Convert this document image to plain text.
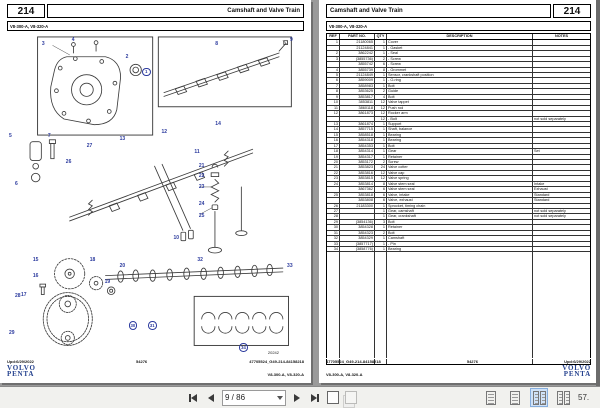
214	Camshaft and Valve Train
V8-300-A, V8-320-A
3
4
2
1
8
9
5	7
6
27
26
13
12
14
11
21
22
23
24
25
10
15
16
17
18
20
19
32
33
28
29
30	31
34
20242
Upd:6/29/2022	54276	47705524_G49-214-84158218
VOLVO
PENTA	V8-300-A, V8-320-A
Camshaft and Valve Train	214
V8-300-A, V8-320-A
REF	PART NO.	QTY	DESCRIPTION	NOTES
1	21180065	1 Cover
21124841	1 - Gasket
2	3862242	1 - Seal
3	(3855736)	2 - Screw
3855742	6 - Screw
4	3855739	8 - Grommet
5	21124849	1 Sensor, crankshaft position
6	3859009	1 - O-ring
7	3858983	1 Bolt
8	3853625	2 Guide
9	3853817	4 Bolt
10	3853811	12 Valve tappet
11	3860118	12 Push rod
12	3861873	12 Rocker arm
12 - Bolt	not sold separately
13	3861874	1 Support
14	3857715	1 Shaft, balance
15	3858518	1 Bearing
16	3854318	1 Bearing
17	3854353	1 Bolt
18	3854314	1 Gear	Set
19	3854317	1 Retainer
20	3853172	2 Screw
21	3853823	24 Valve cotter
22	3853816	12 Valve cap
23	3853815	12 Valve spring
24	3853814	8 Valve stem seal	Intake
3867362	6 Valve stem seal	Exhaust
25	3853818	6 Valve, intake	Standard
3853808	6 Valve, exhaust	Standard
26	21183300	1 Sprocket, timing chain
27	1 Gear, camshaft	not sold separately
28	1 Gear, crankshaft	not sold separately
29	(3854136)	3 Bolt
30	3854328	1 Retainer
31	3854323	2 Bolt
32	3854329	1 Camshaft
33	(3857717)	1 - Pin
34	(3858776)	1 Bearing
47705524_G49-214-84158218	54276	Upd:6/29/2022
V8-300-A, V8-320-A
VOLVO
PENTA
9 / 86	57.
